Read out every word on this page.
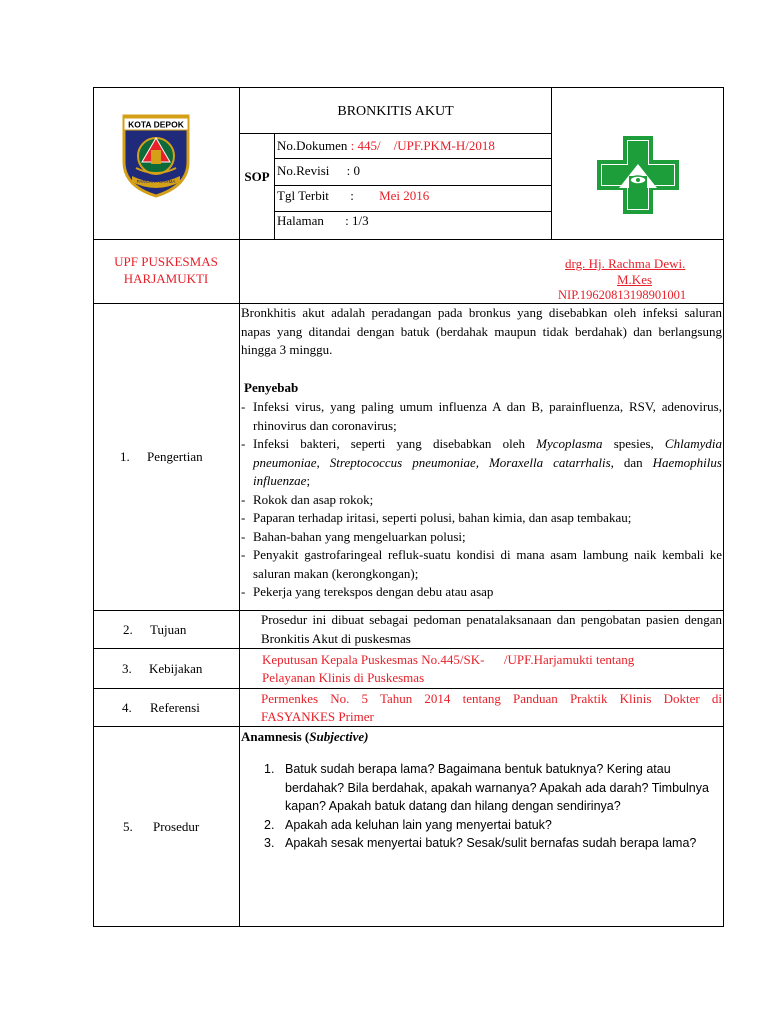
KOTA DEPOK
PANCARA DARMA
BRONKITIS AKUT
SOP
No.Dokumen : 445/    /UPF.PKM-H/2018
No.Revisi : 0
Tgl Terbit : Mei 2016
Halaman : 1/3
UPF PUSKESMAS
HARJAMUKTI
drg. Hj. Rachma Dewi.
M.Kes
NIP.196208131989010​01
1. Pengertian
Bronkhitis akut adalah peradangan pada bronkus yang disebabkan oleh infeksi saluran napas yang ditandai dengan batuk (berdahak maupun tidak berdahak) dan berlangsung hingga 3 minggu.
Penyebab
- Infeksi virus, yang paling umum influenza A dan B, parainfluenza, RSV, adenovirus, rhinovirus dan coronavirus;
- Infeksi bakteri, seperti yang disebabkan oleh Mycoplasma spesies, Chlamydia pneumoniae, Streptococcus pneumoniae, Moraxella catarrhalis, dan Haemophilus influenzae;
- Rokok dan asap rokok;
- Paparan terhadap iritasi, seperti polusi, bahan kimia, dan asap tembakau;
- Bahan-bahan yang mengeluarkan polusi;
- Penyakit gastrofaringeal refluk-suatu kondisi di mana asam lambung naik kembali ke saluran makan (kerongkongan);
- Pekerja yang terekspos dengan debu atau asap
2. Tujuan
Prosedur ini dibuat sebagai pedoman penatalaksanaan dan pengobatan pasien dengan Bronkitis Akut di puskesmas
3. Kebijakan
Keputusan Kepala Puskesmas No.445/SK-      /UPF.Harjamukti tentang
Pelayanan Klinis di Puskesmas
4. Referensi
Permenkes No. 5 Tahun 2014 tentang Panduan Praktik Klinis Dokter di
FASYANKES Primer
5. Prosedur
Anamnesis (Subjective)
1. Batuk sudah berapa lama? Bagaimana bentuk batuknya? Kering atau berdahak? Bila berdahak, apakah warnanya? Apakah ada darah? Timbulnya kapan? Apakah batuk datang dan hilang dengan sendirinya?
2. Apakah ada keluhan lain yang menyertai batuk?
3. Apakah sesak menyertai batuk? Sesak/sulit bernafas sudah berapa lama?
